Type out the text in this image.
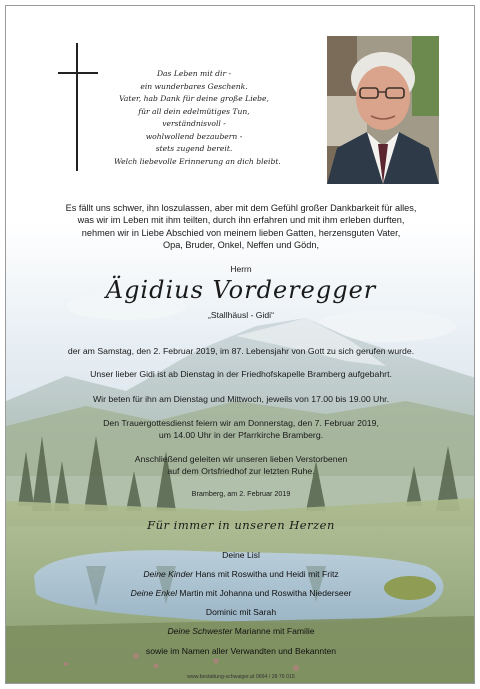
Das Leben mit dir -
ein wunderbares Geschenk.
Vater, hab Dank für deine große Liebe,
für all dein edelmütiges Tun,
verständnisvoll -
wohlwollend bezaubern -
stets zugend bereit.
Welch liebevolle Erinnerung an dich bleibt.
Es fällt uns schwer, ihn loszulassen, aber mit dem Gefühl großer Dankbarkeit für alles,
was wir im Leben mit ihm teilten, durch ihn erfahren und mit ihm erleben durften,
nehmen wir in Liebe Abschied von meinem lieben Gatten, herzensguten Vater,
Opa, Bruder, Onkel, Neffen und Gödn,
Herrn
Ägidius Vorderegger
„Stallhäusl - Gidi“
der am Samstag, den 2. Februar 2019, im 87. Lebensjahr von Gott zu sich gerufen wurde.
Unser lieber Gidi ist ab Dienstag in der Friedhofskapelle Bramberg aufgebahrt.
Wir beten für ihn am Dienstag und Mittwoch, jeweils von 17.00 bis 19.00 Uhr.
Den Trauergottesdienst feiern wir am Donnerstag, den 7. Februar 2019,
um 14.00 Uhr in der Pfarrkirche Bramberg.
Anschließend geleiten wir unseren lieben Verstorbenen
auf dem Ortsfriedhof zur letzten Ruhe.
Bramberg, am 2. Februar 2019
Für immer in unseren Herzen
Deine Lisl
Deine Kinder Hans mit Roswitha und Heidi mit Fritz
Deine Enkel Martin mit Johanna und Roswitha Niederseer
Dominic mit Sarah
Deine Schwester Marianne mit Familie
sowie im Namen aller Verwandten und Bekannten
www.bestattung-schwaiger.at 0664 / 28 76 015
